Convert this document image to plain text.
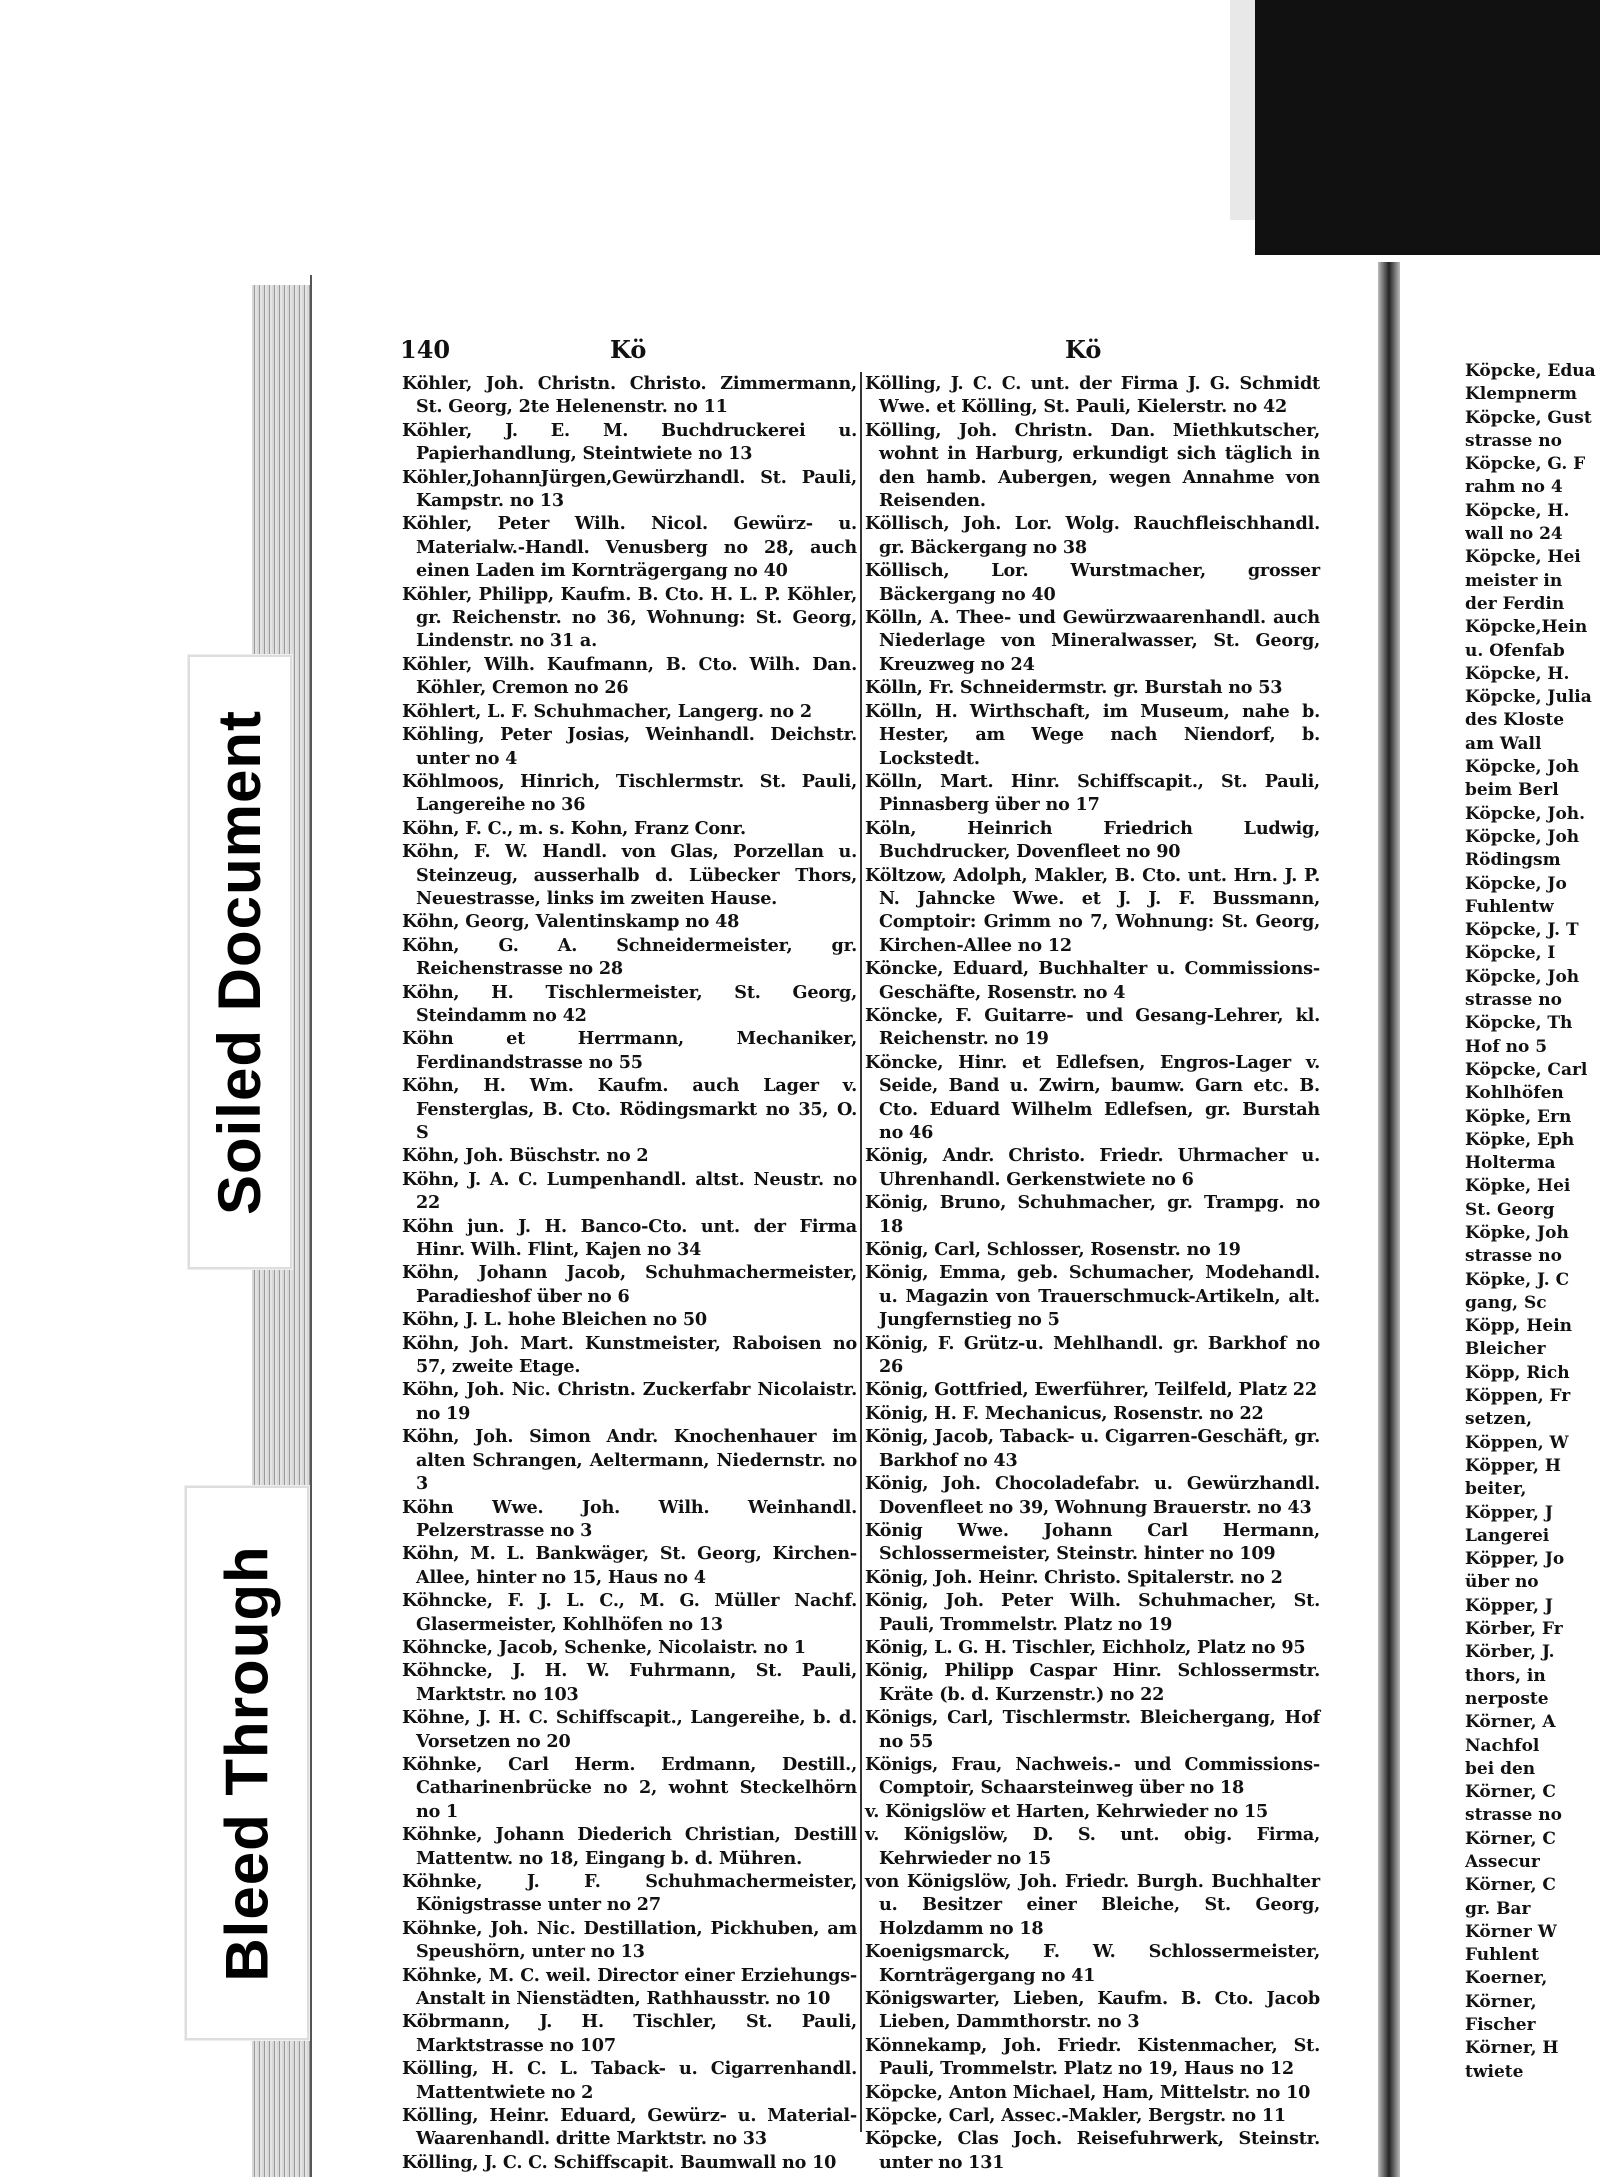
Köpcke, Edua
Klempnerm
Köpcke, Gust
strasse no
Köpcke, G. F
rahm no 4
Köpcke, H.
wall no 24
Köpcke, Hei
meister in
der Ferdin
Köpcke,Hein
u. Ofenfab
Köpcke, H.
Köpcke, Julia
des Kloste
am Wall
Köpcke, Joh
beim Berl
Köpcke, Joh.
Köpcke, Joh
Rödingsm
Köpcke, Jo
Fuhlentw
Köpcke, J. T
Köpcke, I
Köpcke, Joh
strasse no
Köpcke, Th
Hof no 5
Köpcke, Carl
Kohlhöfen
Köpke, Ern
Köpke, Eph
Holterma
Köpke, Hei
St. Georg
Köpke, Joh
strasse no
Köpke, J. C
gang, Sc
Köpp, Hein
Bleicher
Köpp, Rich
Köppen, Fr
setzen,
Köppen, W
Köpper, H
beiter,
Köpper, J
Langerei
Köpper, Jo
über no
Köpper, J
Körber, Fr
Körber, J.
thors, in
nerposte
Körner, A
Nachfol
bei den
Körner, C
strasse no
Körner, C
Assecur
Körner, C
gr. Bar
Körner W
Fuhlent
Koerner,
Körner,
Fischer
Körner, H
twiete
Soiled Document
Bleed Through
140	Kö	Kö

Köhler, Joh. Christn. Christo. Zimmermann, St. Georg, 2te Helenenstr. no 11

Köhler, J. E. M. Buchdruckerei u. Papierhandlung, Steintwiete no 13

Köhler,JohannJürgen,Gewürzhandl. St. Pauli, Kampstr. no 13

Köhler, Peter Wilh. Nicol. Gewürz- u. Materialw.-Handl. Venusberg no 28, auch einen Laden im Kornträgergang no 40

Köhler, Philipp, Kaufm. B. Cto. H. L. P. Köhler, gr. Reichenstr. no 36, Wohnung: St. Georg, Lindenstr. no 31 a.

Köhler, Wilh. Kaufmann, B. Cto. Wilh. Dan. Köhler, Cremon no 26

Köhlert, L. F. Schuhmacher, Langerg. no 2

Köhling, Peter Josias, Weinhandl. Deichstr. unter no 4

Köhlmoos, Hinrich, Tischlermstr. St. Pauli, Langereihe no 36

Köhn, F. C., m. s. Kohn, Franz Conr.

Köhn, F. W. Handl. von Glas, Porzellan u. Steinzeug, ausserhalb d. Lübecker Thors, Neuestrasse, links im zweiten Hause.

Köhn, Georg, Valentinskamp no 48

Köhn, G. A. Schneidermeister, gr. Reichenstrasse no 28

Köhn, H. Tischlermeister, St. Georg, Steindamm no 42

Köhn et Herrmann, Mechaniker, Ferdinandstrasse no 55

Köhn, H. Wm. Kaufm. auch Lager v. Fensterglas, B. Cto. Rödingsmarkt no 35, O. S

Köhn, Joh. Büschstr. no 2

Köhn, J. A. C. Lumpenhandl. altst. Neustr. no 22

Köhn jun. J. H. Banco-Cto. unt. der Firma Hinr. Wilh. Flint, Kajen no 34

Köhn, Johann Jacob, Schuhmachermeister, Paradieshof über no 6

Köhn, J. L. hohe Bleichen no 50

Köhn, Joh. Mart. Kunstmeister, Raboisen no 57, zweite Etage.

Köhn, Joh. Nic. Christn. Zuckerfabr Nicolaistr. no 19

Köhn, Joh. Simon Andr. Knochenhauer im alten Schrangen, Aeltermann, Niedernstr. no 3

Köhn Wwe. Joh. Wilh. Weinhandl. Pelzerstrasse no 3

Köhn, M. L. Bankwäger, St. Georg, Kirchen-Allee, hinter no 15, Haus no 4

Köhncke, F. J. L. C., M. G. Müller Nachf. Glasermeister, Kohlhöfen no 13

Köhncke, Jacob, Schenke, Nicolaistr. no 1

Köhncke, J. H. W. Fuhrmann, St. Pauli, Marktstr. no 103

Köhne, J. H. C. Schiffscapit., Langereihe, b. d. Vorsetzen no 20

Köhnke, Carl Herm. Erdmann, Destill., Catharinenbrücke no 2, wohnt Steckelhörn no 1

Köhnke, Johann Diederich Christian, Destill Mattentw. no 18, Eingang b. d. Mühren.

Köhnke, J. F. Schuhmachermeister, Königstrasse unter no 27

Köhnke, Joh. Nic. Destillation, Pickhuben, am Speushörn, unter no 13

Köhnke, M. C. weil. Director einer Erziehungs-Anstalt in Nienstädten, Rathhausstr. no 10

Köbrmann, J. H. Tischler, St. Pauli, Marktstrasse no 107

Kölling, H. C. L. Taback- u. Cigarrenhandl. Mattentwiete no 2

Kölling, Heinr. Eduard, Gewürz- u. Material-Waarenhandl. dritte Marktstr. no 33

Kölling, J. C. C. Schiffscapit. Baumwall no 10

Kölling, J. C. C. unt. der Firma J. G. Schmidt Wwe. et Kölling, St. Pauli, Kielerstr. no 42

Kölling, Joh. Christn. Dan. Miethkutscher, wohnt in Harburg, erkundigt sich täglich in den hamb. Aubergen, wegen Annahme von Reisenden.

Köllisch, Joh. Lor. Wolg. Rauchfleischhandl. gr. Bäckergang no 38

Köllisch, Lor. Wurstmacher, grosser Bäckergang no 40

Kölln, A. Thee- und Gewürzwaarenhandl. auch Niederlage von Mineralwasser, St. Georg, Kreuzweg no 24

Kölln, Fr. Schneidermstr. gr. Burstah no 53

Kölln, H. Wirthschaft, im Museum, nahe b. Hester, am Wege nach Niendorf, b. Lockstedt.

Kölln, Mart. Hinr. Schiffscapit., St. Pauli, Pinnasberg über no 17

Köln, Heinrich Friedrich Ludwig, Buchdrucker, Dovenfleet no 90

Költzow, Adolph, Makler, B. Cto. unt. Hrn. J. P. N. Jahncke Wwe. et J. J. F. Bussmann, Comptoir: Grimm no 7, Wohnung: St. Georg, Kirchen-Allee no 12

Köncke, Eduard, Buchhalter u. Commissions-Geschäfte, Rosenstr. no 4

Köncke, F. Guitarre- und Gesang-Lehrer, kl. Reichenstr. no 19

Köncke, Hinr. et Edlefsen, Engros-Lager v. Seide, Band u. Zwirn, baumw. Garn etc. B. Cto. Eduard Wilhelm Edlefsen, gr. Burstah no 46

König, Andr. Christo. Friedr. Uhrmacher u. Uhrenhandl. Gerkenstwiete no 6

König, Bruno, Schuhmacher, gr. Trampg. no 18

König, Carl, Schlosser, Rosenstr. no 19

König, Emma, geb. Schumacher, Modehandl. u. Magazin von Trauerschmuck-Artikeln, alt. Jungfernstieg no 5

König, F. Grütz-u. Mehlhandl. gr. Barkhof no 26

König, Gottfried, Ewerführer, Teilfeld, Platz 22

König, H. F. Mechanicus, Rosenstr. no 22

König, Jacob, Taback- u. Cigarren-Geschäft, gr. Barkhof no 43

König, Joh. Chocoladefabr. u. Gewürzhandl. Dovenfleet no 39, Wohnung Brauerstr. no 43

König Wwe. Johann Carl Hermann, Schlossermeister, Steinstr. hinter no 109

König, Joh. Heinr. Christo. Spitalerstr. no 2

König, Joh. Peter Wilh. Schuhmacher, St. Pauli, Trommelstr. Platz no 19

König, L. G. H. Tischler, Eichholz, Platz no 95

König, Philipp Caspar Hinr. Schlossermstr. Kräte (b. d. Kurzenstr.) no 22

Königs, Carl, Tischlermstr. Bleichergang, Hof no 55

Königs, Frau, Nachweis.- und Commissions-Comptoir, Schaarsteinweg über no 18

v. Königslöw et Harten, Kehrwieder no 15

v. Königslöw, D. S. unt. obig. Firma, Kehrwieder no 15

von Königslöw, Joh. Friedr. Burgh. Buchhalter u. Besitzer einer Bleiche, St. Georg, Holzdamm no 18

Koenigsmarck, F. W. Schlossermeister, Kornträgergang no 41

Königswarter, Lieben, Kaufm. B. Cto. Jacob Lieben, Dammthorstr. no 3

Könnekamp, Joh. Friedr. Kistenmacher, St. Pauli, Trommelstr. Platz no 19, Haus no 12

Köpcke, Anton Michael, Ham, Mittelstr. no 10

Köpcke, Carl, Assec.-Makler, Bergstr. no 11

Köpcke, Clas Joch. Reisefuhrwerk, Steinstr. unter no 131
